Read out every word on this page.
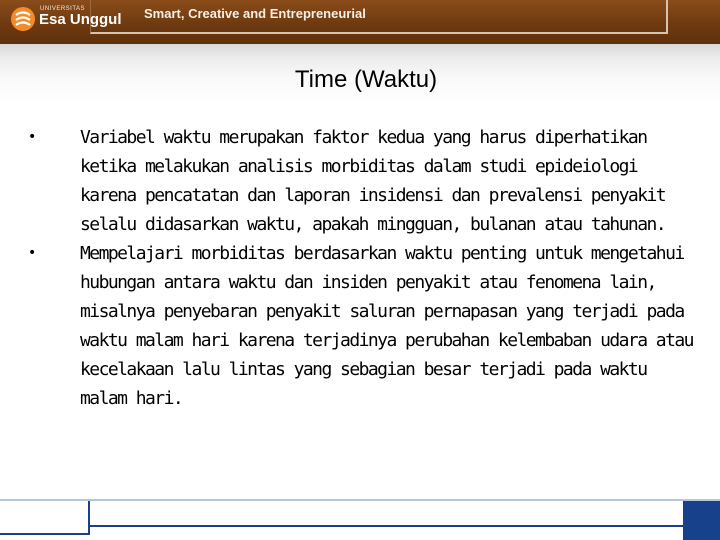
UNIVERSITAS
Esa Unggul Smart, Creative and Entrepreneurial
Time (Waktu)
•	Variabel waktu merupakan faktor kedua yang harus diperhatikan ketika melakukan analisis morbiditas dalam studi epideiologi karena pencatatan dan laporan insidensi dan prevalensi penyakit selalu didasarkan waktu, apakah mingguan, bulanan atau tahunan.
•	Mempelajari morbiditas berdasarkan waktu penting untuk mengetahui hubungan antara waktu dan insiden penyakit atau fenomena lain, misalnya penyebaran penyakit saluran pernapasan yang terjadi pada waktu malam hari karena terjadinya perubahan kelembaban udara atau kecelakaan lalu lintas yang sebagian besar terjadi pada waktu malam hari.
